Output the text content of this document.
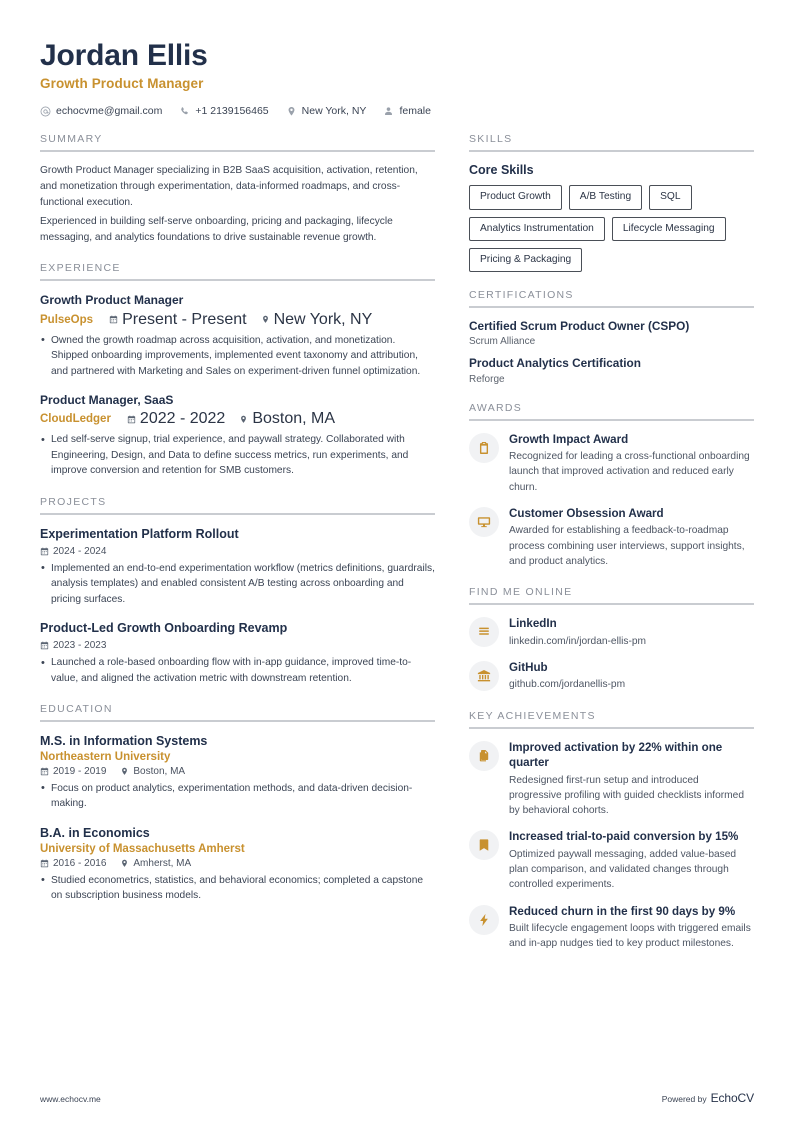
Jordan Ellis
Growth Product Manager
echocvme@gmail.com	+1 2139156465	New York, NY	female
SUMMARY
Growth Product Manager specializing in B2B SaaS acquisition, activation, retention, and monetization through experimentation, data-informed roadmaps, and cross-functional execution.
Experienced in building self-serve onboarding, pricing and packaging, lifecycle messaging, and analytics foundations to drive sustainable revenue growth.
EXPERIENCE
Growth Product Manager
PulseOps Present - Present New York, NY
• Owned the growth roadmap across acquisition, activation, and monetization. Shipped onboarding improvements, implemented event taxonomy and attribution, and partnered with Marketing and Sales on experiment-driven funnel optimization.
Product Manager, SaaS
CloudLedger 2022 - 2022 Boston, MA
• Led self-serve signup, trial experience, and paywall strategy. Collaborated with Engineering, Design, and Data to define success metrics, run experiments, and improve conversion and retention for SMB customers.
PROJECTS
Experimentation Platform Rollout
2024 - 2024
• Implemented an end-to-end experimentation workflow (metrics definitions, guardrails, analysis templates) and enabled consistent A/B testing across onboarding and pricing surfaces.
Product-Led Growth Onboarding Revamp
2023 - 2023
• Launched a role-based onboarding flow with in-app guidance, improved time-to-value, and aligned the activation metric with downstream retention.
EDUCATION
M.S. in Information Systems
Northeastern University
2019 - 2019	Boston, MA
• Focus on product analytics, experimentation methods, and data-driven decision-making.
B.A. in Economics
University of Massachusetts Amherst
2016 - 2016	Amherst, MA
• Studied econometrics, statistics, and behavioral economics; completed a capstone on subscription business models.
SKILLS
Core Skills
Product Growth	A/B Testing	SQL
Analytics Instrumentation	Lifecycle Messaging
Pricing & Packaging
CERTIFICATIONS
Certified Scrum Product Owner (CSPO)
Scrum Alliance
Product Analytics Certification
Reforge
AWARDS
Growth Impact Award
Recognized for leading a cross-functional onboarding launch that improved activation and reduced early churn.
Customer Obsession Award
Awarded for establishing a feedback-to-roadmap process combining user interviews, support insights, and product analytics.
FIND ME ONLINE
LinkedIn
linkedin.com/in/jordan-ellis-pm
GitHub
github.com/jordanellis-pm
KEY ACHIEVEMENTS
Improved activation by 22% within one quarter
Redesigned first-run setup and introduced progressive profiling with guided checklists informed by behavioral cohorts.
Increased trial-to-paid conversion by 15%
Optimized paywall messaging, added value-based plan comparison, and validated changes through controlled experiments.
Reduced churn in the first 90 days by 9%
Built lifecycle engagement loops with triggered emails and in-app nudges tied to key product milestones.
www.echocv.me	Powered by EchoCV
